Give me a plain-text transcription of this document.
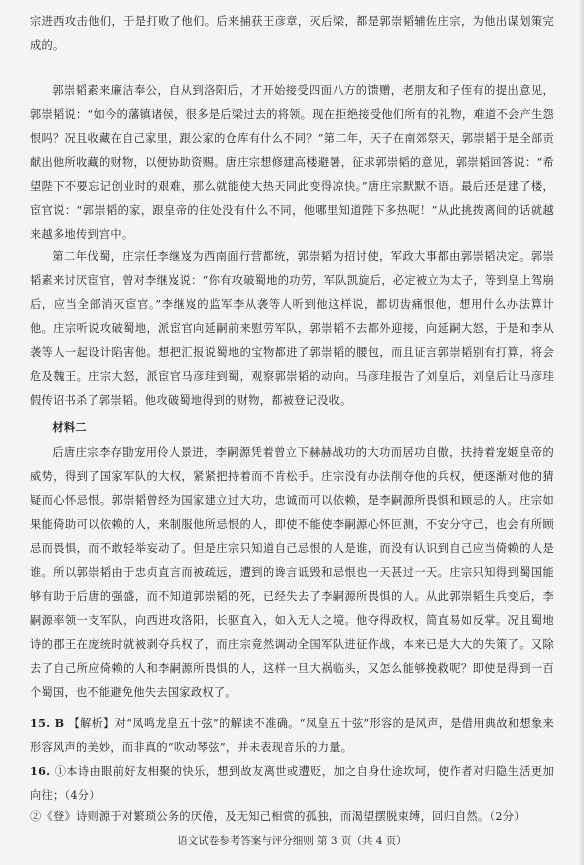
宗进西攻击他们，于是打败了他们。后来捕获王彦章，灭后梁，都是郭崇韬辅佐庄宗，为他出谋划策完成的。

郭崇韬素来廉洁奉公，自从到洛阳后，才开始接受四面八方的馈赠，老朋友和子侄有的提出意见，郭崇韬说：“如今的藩镇诸侯，很多是后梁过去的将领。现在拒绝接受他们所有的礼物，难道不会产生怨恨吗？况且收藏在自己家里，跟公家的仓库有什么不同？”第二年，天子在南郊祭天，郭崇韬于是全部贡献出他所收藏的财物，以便协助资赐。唐庄宗想修建高楼避暑，征求郭崇韬的意见，郭崇韬回答说：“希望陛下不要忘记创业时的艰难，那么就能使大热天同此变得凉快。”唐庄宗默默不语。最后还是建了楼，宦官说：“郭崇韬的家，跟皇帝的住处没有什么不同，他哪里知道陛下多热呢！”从此挑拨离间的话就越来越多地传到宫中。

第二年伐蜀，庄宗任李继岌为西南面行营都统，郭崇韬为招讨使，军政大事都由郭崇韬决定。郭崇韬素来讨厌宦官，曾对李继岌说：“你有攻破蜀地的功劳，军队凯旋后，必定被立为太子，等到皇上驾崩后，应当全部消灭宦官。”李继岌的监军李从袭等人听到他这样说，都切齿痛恨他，想用什么办法算计他。庄宗听说攻破蜀地，派宦官向延嗣前来慰劳军队，郭崇韬不去都外迎接，向延嗣大怒，于是和李从袭等人一起设计陷害他。想把汇报说蜀地的宝物都进了郭崇韬的腰包，而且证言郭崇韬别有打算，将会危及魏王。庄宗大怒，派宦官马彦珪到蜀，观察郭崇韬的动向。马彦珪报告了刘皇后，刘皇后让马彦珪假传诏书杀了郭崇韬。他攻破蜀地得到的财物，都被登记没收。

材料二

后唐庄宗李存勖宠用伶人景进，李嗣源凭着曾立下赫赫战功的大功而居功自傲，扶持着宠姬皇帝的威势，得到了国家军队的大权，紧紧把持着而不肯松手。庄宗没有办法削夺他的兵权，便逐渐对他的猜疑而心怀忌恨。郭崇韬曾经为国家建立过大功，忠诚而可以依赖，是李嗣源所畏惧和顾忌的人。庄宗如果能倚助可以依赖的人，来制服他所忌恨的人，即使不能使李嗣源心怀叵测，不安分守己，也会有所顾忌而畏惧，而不敢轻举妄动了。但是庄宗只知道自己忌恨的人是谁，而没有认识到自己应当倚赖的人是谁。所以郭崇韬由于忠贞直言而被疏远，遭到的谗言诋毁和忌恨也一天甚过一天。庄宗只知得到蜀国能够有助于后唐的强盛，而不知道郭崇韬的死，已经失去了李嗣源所畏惧的人。从此郭崇韬生兵变后，李嗣源率领一支军队，向西进攻洛阳，长驱直入，如入无人之境。他夺得政权，简直易如反掌。况且蜀地诗的郡王在庞统时就被剥夺兵权了，而庄宗竟然调动全国军队进征作战，本来已是大大的失策了。又除去了自己所应倚赖的人和李嗣源所畏惧的人，这样一旦大祸临头，又怎么能够挽救呢？即使是得到一百个蜀国，也不能避免他失去国家政权了。

15. B 【解析】对“凤鸣龙皇五十弦”的解读不准确。“凤皇五十弦”形容的是风声，是借用典故和想象来形容风声的美妙，而非真的“吹动琴弦”，并未表现音乐的力量。

16. ①本诗由眼前好友相聚的快乐，想到故友离世或遭贬，加之自身仕途坎坷，使作者对归隐生活更加向往；（4分）

②《登》诗则源于对繁琐公务的厌倦，及无知己相赏的孤独，而渴望摆脱束缚，回归自然。（2分）

语文试卷参考答案与评分细则 第 3 页（共 4 页）
